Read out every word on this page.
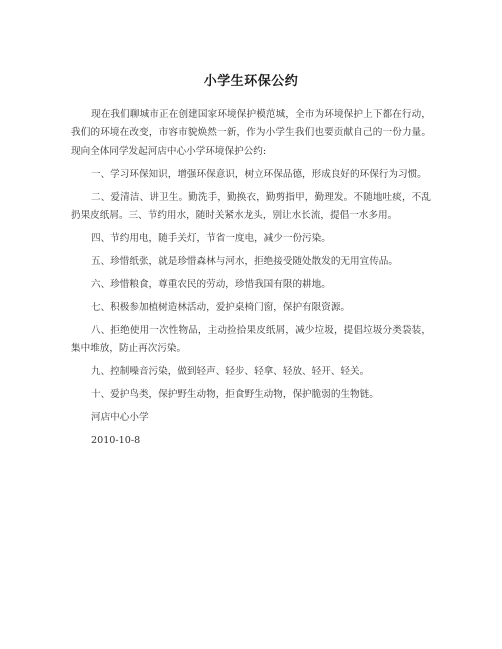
小学生环保公约

现在我们聊城市正在创建国家环境保护模范城，全市为环境保护上下都在行动，我们的环境在改变，市容市貌焕然一新，作为小学生我们也要贡献自己的一份力量。现向全体同学发起河店中心小学环境保护公约:

一、学习环保知识，增强环保意识，树立环保品德，形成良好的环保行为习惯。

二、爱清洁、讲卫生。勤洗手，勤换衣，勤剪指甲，勤理发。不随地吐痰，不乱扔果皮纸屑。三、节约用水，随时关紧水龙头，别让水长流，提倡一水多用。

四、节约用电，随手关灯，节省一度电，减少一份污染。

五、珍惜纸张，就是珍惜森林与河水，拒绝接受随处散发的无用宣传品。

六、珍惜粮食，尊重农民的劳动，珍惜我国有限的耕地。

七、积极参加植树造林活动，爱护桌椅门窗，保护有限资源。

八、拒绝使用一次性物品，主动捡拾果皮纸屑，减少垃圾，提倡垃圾分类袋装，集中堆放，防止再次污染。

九、控制噪音污染，做到轻声、轻步、轻拿、轻放、轻开、轻关。

十、爱护鸟类，保护野生动物，拒食野生动物，保护脆弱的生物链。

河店中心小学

2010-10-8
